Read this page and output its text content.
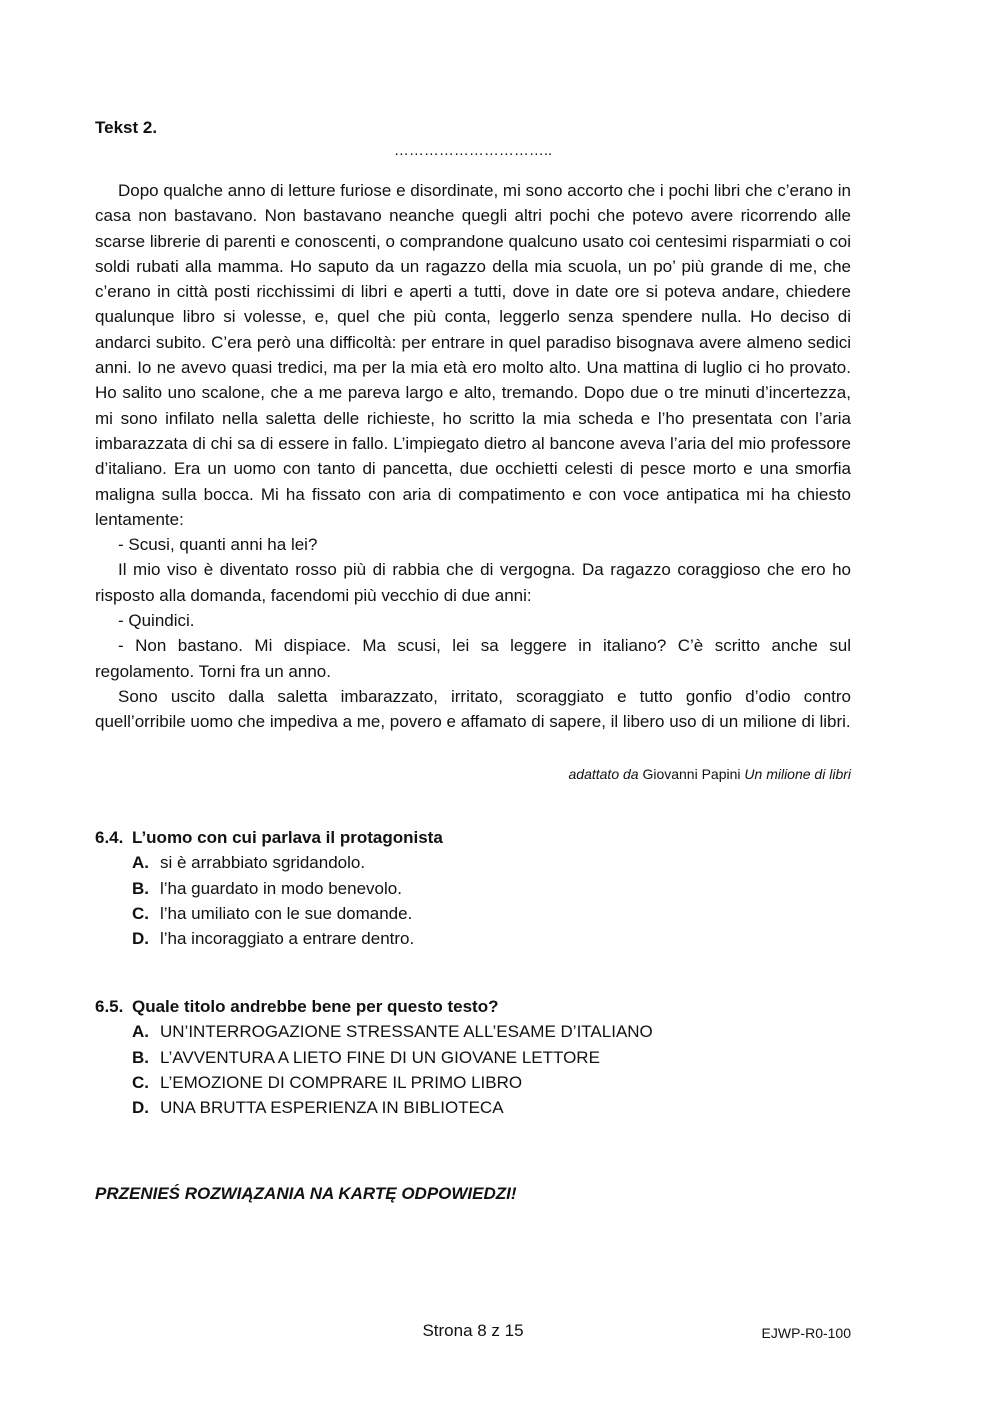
Tekst 2.
…………………………..

Dopo qualche anno di letture furiose e disordinate, mi sono accorto che i pochi libri che c’erano in casa non bastavano. Non bastavano neanche quegli altri pochi che potevo avere ricorrendo alle scarse librerie di parenti e conoscenti, o comprandone qualcuno usato coi centesimi risparmiati o coi soldi rubati alla mamma. Ho saputo da un ragazzo della mia scuola, un po’ più grande di me, che c’erano in città posti ricchissimi di libri e aperti a tutti, dove in date ore si poteva andare, chiedere qualunque libro si volesse, e, quel che più conta, leggerlo senza spendere nulla. Ho deciso di andarci subito. C’era però una difficoltà: per entrare in quel paradiso bisognava avere almeno sedici anni. Io ne avevo quasi tredici, ma per la mia età ero molto alto. Una mattina di luglio ci ho provato. Ho salito uno scalone, che a me pareva largo e alto, tremando. Dopo due o tre minuti d’incertezza, mi sono infilato nella saletta delle richieste, ho scritto la mia scheda e l’ho presentata con l’aria imbarazzata di chi sa di essere in fallo. L’impiegato dietro al bancone aveva l’aria del mio professore d’italiano. Era un uomo con tanto di pancetta, due occhietti celesti di pesce morto e una smorfia maligna sulla bocca. Mi ha fissato con aria di compatimento e con voce antipatica mi ha chiesto lentamente:

- Scusi, quanti anni ha lei?

Il mio viso è diventato rosso più di rabbia che di vergogna. Da ragazzo coraggioso che ero ho risposto alla domanda, facendomi più vecchio di due anni:

- Quindici.

- Non bastano. Mi dispiace. Ma scusi, lei sa leggere in italiano? C’è scritto anche sul regolamento. Torni fra un anno.

Sono uscito dalla saletta imbarazzato, irritato, scoraggiato e tutto gonfio d’odio contro quell’orribile uomo che impediva a me, povero e affamato di sapere, il libero uso di un milione di libri.

adattato da Giovanni Papini Un milione di libri
6.4. L’uomo con cui parlava il protagonista
A. si è arrabbiato sgridandolo.
B. l’ha guardato in modo benevolo.
C. l’ha umiliato con le sue domande.
D. l’ha incoraggiato a entrare dentro.
6.5. Quale titolo andrebbe bene per questo testo?
A. UN’INTERROGAZIONE STRESSANTE ALL’ESAME D’ITALIANO
B. L’AVVENTURA A LIETO FINE DI UN GIOVANE LETTORE
C. L’EMOZIONE DI COMPRARE IL PRIMO LIBRO
D. UNA BRUTTA ESPERIENZA IN BIBLIOTECA
PRZENIEŚ ROZWIĄZANIA NA KARTĘ ODPOWIEDZI!
Strona 8 z 15	EJWP-R0-100
